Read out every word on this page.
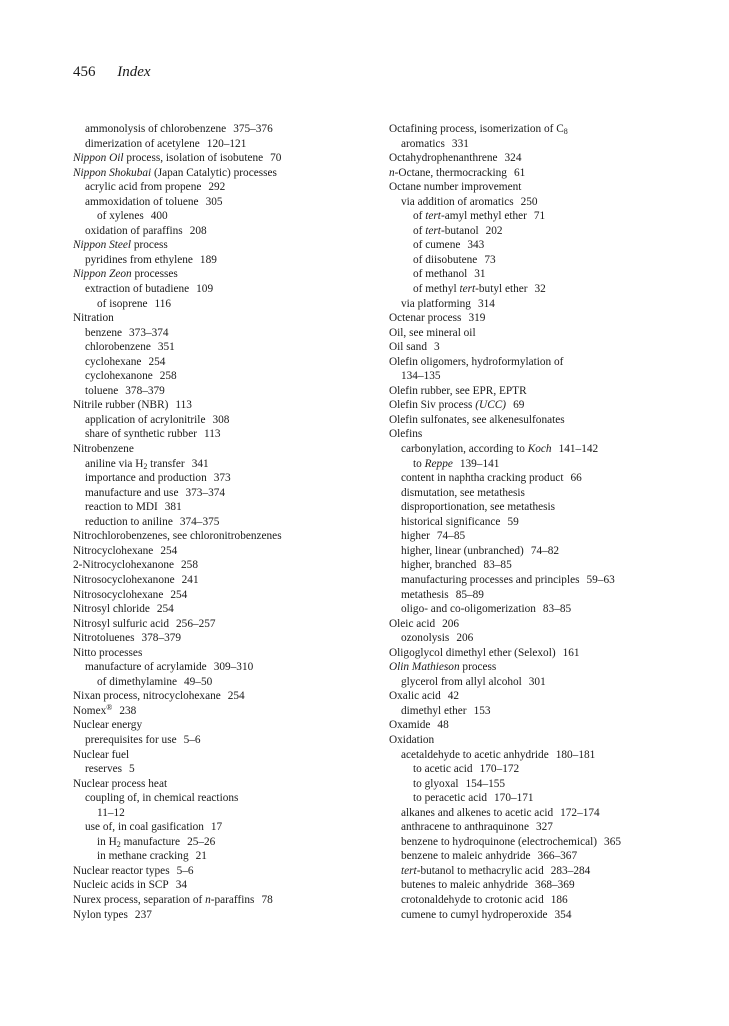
456 Index
ammonolysis of chlorobenzene 375–376
dimerization of acetylene 120–121
Nippon Oil process, isolation of isobutene 70
Nippon Shokubai (Japan Catalytic) processes
acrylic acid from propene 292
ammoxidation of toluene 305
of xylenes 400
oxidation of paraffins 208
Nippon Steel process
pyridines from ethylene 189
Nippon Zeon processes
extraction of butadiene 109
of isoprene 116
Nitration
benzene 373–374
chlorobenzene 351
cyclohexane 254
cyclohexanone 258
toluene 378–379
Nitrile rubber (NBR) 113
application of acrylonitrile 308
share of synthetic rubber 113
Nitrobenzene
aniline via $H_2$ transfer 341
importance and production 373
manufacture and use 373–374
reaction to MDI 381
reduction to aniline 374–375
Nitrochlorobenzenes, see chloronitrobenzenes
Nitrocyclohexane 254
2-Nitrocyclohexanone 258
Nitrosocyclohexanone 241
Nitrosocyclohexane 254
Nitrosyl chloride 254
Nitrosyl sulfuric acid 256–257
Nitrotoluenes 378–379
Nitto processes
manufacture of acrylamide 309–310
of dimethylamine 49–50
Nixan process, nitrocyclohexane 254
Nomex® 238
Nuclear energy
prerequisites for use 5–6
Nuclear fuel
reserves 5
Nuclear process heat
coupling of, in chemical reactions
11–12
use of, in coal gasification 17
in $H_2$ manufacture 25–26
in methane cracking 21
Nuclear reactor types 5–6
Nucleic acids in SCP 34
Nurex process, separation of n-paraffins 78
Nylon types 237
Octafining process, isomerization of $C_8$
aromatics 331
Octahydrophenanthrene 324
n-Octane, thermocracking 61
Octane number improvement
via addition of aromatics 250
of tert-amyl methyl ether 71
of tert-butanol 202
of cumene 343
of diisobutene 73
of methanol 31
of methyl tert-butyl ether 32
via platforming 314
Octenar process 319
Oil, see mineral oil
Oil sand 3
Olefin oligomers, hydroformylation of
134–135
Olefin rubber, see EPR, EPTR
Olefin Siv process (UCC) 69
Olefin sulfonates, see alkenesulfonates
Olefins
carbonylation, according to Koch 141–142
to Reppe 139–141
content in naphtha cracking product 66
dismutation, see metathesis
disproportionation, see metathesis
historical significance 59
higher 74–85
higher, linear (unbranched) 74–82
higher, branched 83–85
manufacturing processes and principles 59–63
metathesis 85–89
oligo- and co-oligomerization 83–85
Oleic acid 206
ozonolysis 206
Oligoglycol dimethyl ether (Selexol) 161
Olin Mathieson process
glycerol from allyl alcohol 301
Oxalic acid 42
dimethyl ether 153
Oxamide 48
Oxidation
acetaldehyde to acetic anhydride 180–181
to acetic acid 170–172
to glyoxal 154–155
to peracetic acid 170–171
alkanes and alkenes to acetic acid 172–174
anthracene to anthraquinone 327
benzene to hydroquinone (electrochemical) 365
benzene to maleic anhydride 366–367
tert-butanol to methacrylic acid 283–284
butenes to maleic anhydride 368–369
crotonaldehyde to crotonic acid 186
cumene to cumyl hydroperoxide 354
